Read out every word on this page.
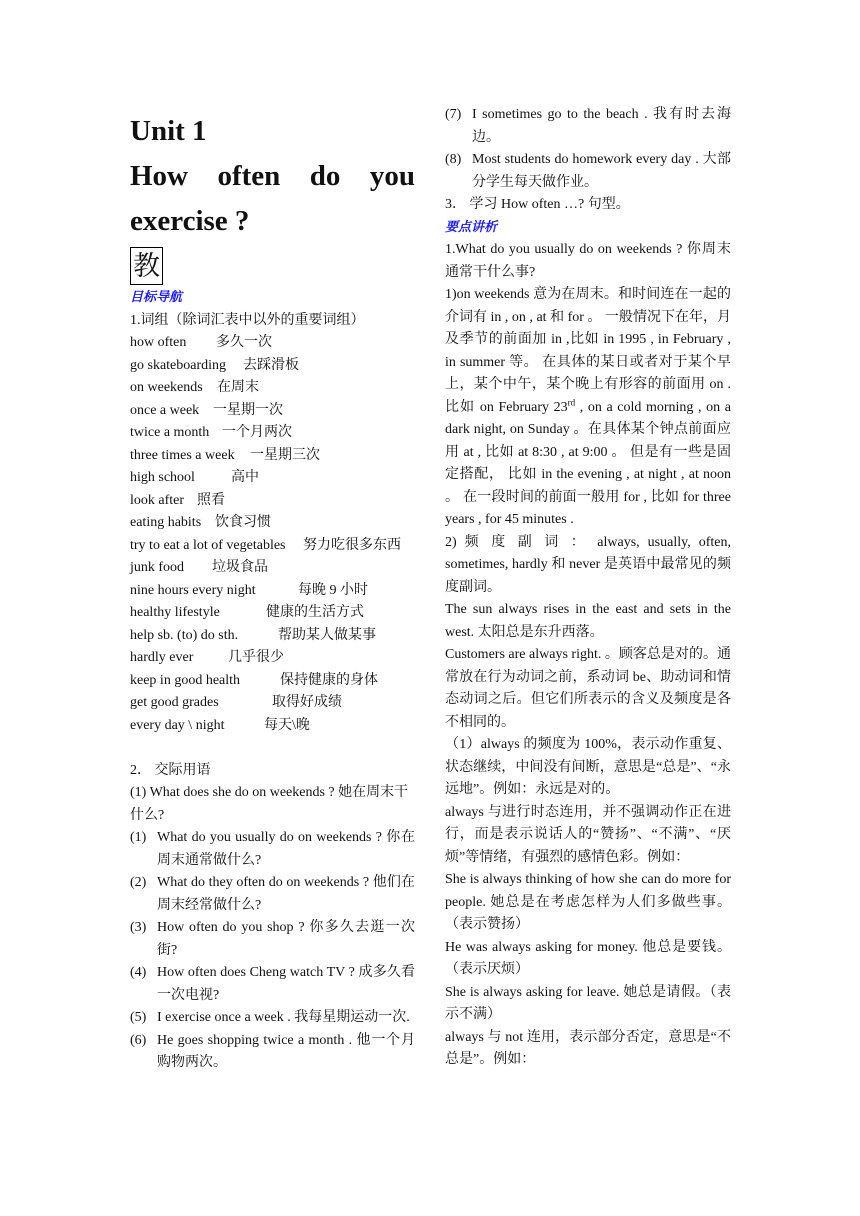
Unit 1
How often do you
exercise ?
教
目标导航
1.词组（除词汇表中以外的重要词组）
how often	多久一次
go skateboarding	去踩滑板
on weekends	在周末
once a week 一星期一次
twice a month 一个月两次
three times a week	一星期三次
high school	高中
look after 照看
eating habits 饮食习惯
try to eat a lot of vegetables	努力吃很多东西
junk food	垃圾食品
nine hours every night	每晚 9 小时
healthy lifestyle	健康的生活方式
help sb. (to) do sth.	帮助某人做某事
hardly ever	几乎很少
keep in good health	保持健康的身体
get good grades	取得好成绩
every day \ night	每天\晚
2． 交际用语

(1) What does she do on weekends ? 她在周末干什么?

(1) What do you usually do on weekends ? 你在周末通常做什么?
(2) What do they often do on weekends ? 他们在周末经常做什么?
(3) How often do you shop ? 你多久去逛一次街?
(4) How often does Cheng watch TV ? 成多久看一次电视?
(5) I exercise once a week . 我每星期运动一次.
(6) He goes shopping twice a month . 他一个月购物两次。
(7) I sometimes go to the beach . 我有时去海边。
(8) Most students do homework every day . 大部分学生每天做作业。
3． 学习 How often …? 句型。
要点讲析

1.What do you usually do on weekends ? 你周末通常干什么事?

1)on weekends 意为在周末。和时间连在一起的介词有 in , on , at 和 for 。 一般情况下在年，月及季节的前面加 in ,比如 in 1995 , in February , in summer 等。 在具体的某日或者对于某个早上，某个中午，某个晚上有形容的前面用 on .比如 on February 23rd , on a cold morning , on a dark night, on Sunday 。在具体某个钟点前面应用 at , 比如 at 8:30 , at 9:00 。 但是有一些是固定搭配， 比如 in the evening , at night , at noon 。 在一段时间的前面一般用 for , 比如 for three years , for 45 minutes .

2) 频 度 副 词 ： always, usually, often, sometimes, hardly 和 never 是英语中最常见的频度副词。

The sun always rises in the east and sets in the west. 太阳总是东升西落。

Customers are always right. 。顾客总是对的。通常放在行为动词之前，系动词 be、助动词和情态动词之后。但它们所表示的含义及频度是各不相同的。

（1）always 的频度为 100%，表示动作重复、状态继续，中间没有间断，意思是“总是”、“永远地”。例如：永远是对的。

always 与进行时态连用，并不强调动作正在进行，而是表示说话人的“赞扬”、“不满”、“厌烦”等情绪，有强烈的感情色彩。例如：

She is always thinking of how she can do more for people. 她总是在考虑怎样为人们多做些事。（表示赞扬）

He was always asking for money. 他总是要钱。（表示厌烦）

She is always asking for leave. 她总是请假。（表示不满）

always 与 not 连用，表示部分否定，意思是“不总是”。例如：
